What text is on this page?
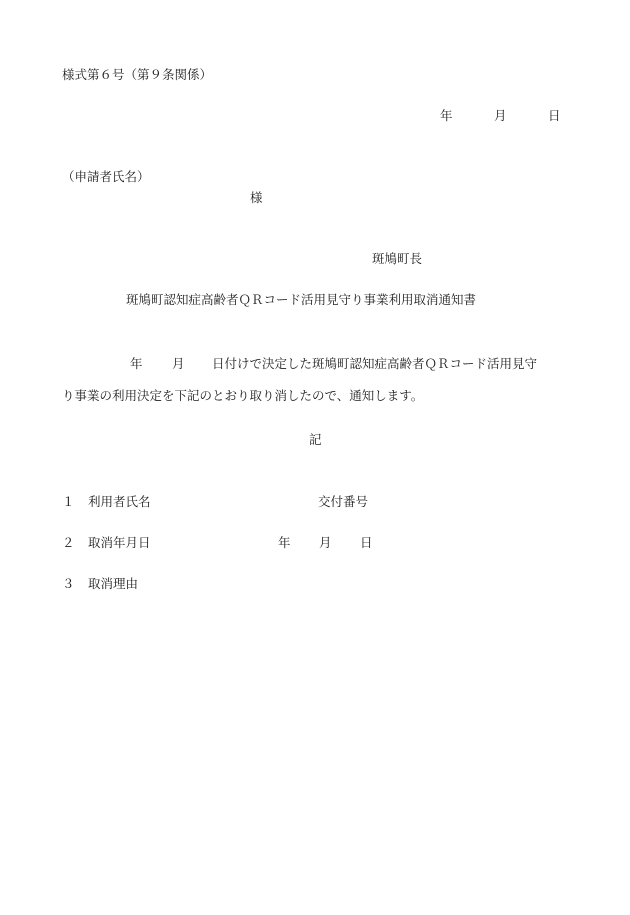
様式第６号（第９条関係）
年	月	日
（申請者氏名）
様
斑鳩町長
斑鳩町認知症高齢者ＱＲコード活用見守り事業利用取消通知書
年 月 日付けで決定した斑鳩町認知症高齢者ＱＲコード活用見守
り事業の利用決定を下記のとおり取り消したので、通知します。
記
１ 利用者氏名	交付番号
２ 取消年月日	年 月 日
３ 取消理由
